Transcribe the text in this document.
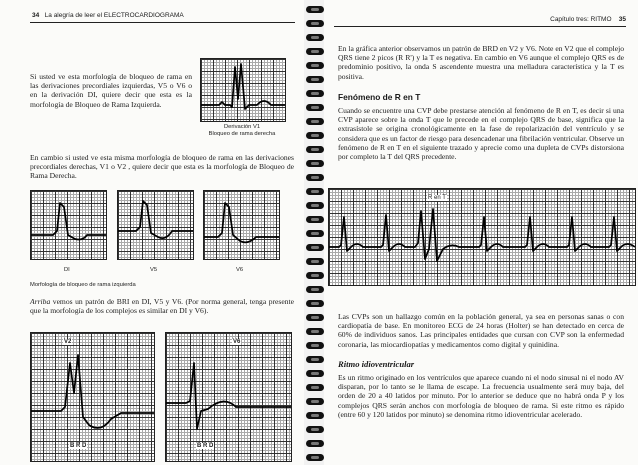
34 La alegría de leer el ELECTROCARDIOGRAMA
Si usted ve esta morfología de bloqueo de rama en las derivaciones precordiales izquierdas, V5 o V6 o en la derivación DI, quiere decir que esta es la morfología de Bloqueo de Rama Izquierda.
Derivación V1
Bloqueo de rama derecha
En cambio si usted ve esta misma morfología de bloqueo de rama en las derivaciones precordiales derechas, V1 o V2 , quiere decir que esta es la morfología de Bloqueo de Rama Derecha.
DI	V5	V6
Morfología de bloqueo de rama izquierda
Arriba vemos un patrón de BRI en DI, V5 y V6. (Por norma general, tenga presente que la morfología de los complejos es similar en DI y V6).
V2
B R D
V6
B R D
Capítulo tres: RITMO 35
En la gráfica anterior observamos un patrón de BRD en V2 y V6. Note en V2 que el complejo QRS tiene 2 picos (R R') y la T es negativa. En cambio en V6 aunque el complejo QRS es de predominio positivo, la onda S ascendente muestra una melladura característica y la T es positiva.
Fenómeno de R en T
Cuando se encuentre una CVP debe prestarse atención al fenómeno de R en T, es decir si una CVP aparece sobre la onda T que le precede en el complejo QRS de base, significa que la extrasístole se origina cronológicamente en la fase de repolarización del ventrículo y se considera que es un factor de riesgo para desencadenar una fibrilación ventricular. Observe un fenómeno de R en T en el siguiente trazado y aprecie como una dupleta de CVPs distorsiona por completo la T del QRS precedente.
R en T
Las CVPs son un hallazgo común en la población general, ya sea en personas sanas o con cardiopatía de base. En monitoreo ECG de 24 horas (Holter) se han detectado en cerca de 60% de individuos sanos. Las principales entidades que cursan con CVP son la enfermedad coronaria, las miocardiopatías y medicamentos como digital y quinidina.
Ritmo idioventricular
Es un ritmo originado en los ventrículos que aparece cuando ni el nodo sinusal ni el nodo AV disparan, por lo tanto se le llama de escape. La frecuencia usualmente será muy baja, del orden de 20 a 40 latidos por minuto. Por lo anterior se deduce que no habrá onda P y los complejos QRS serán anchos con morfología de bloqueo de rama. Si este ritmo es rápido (entre 60 y 120 latidos por minuto) se denomina ritmo idioventricular acelerado.
